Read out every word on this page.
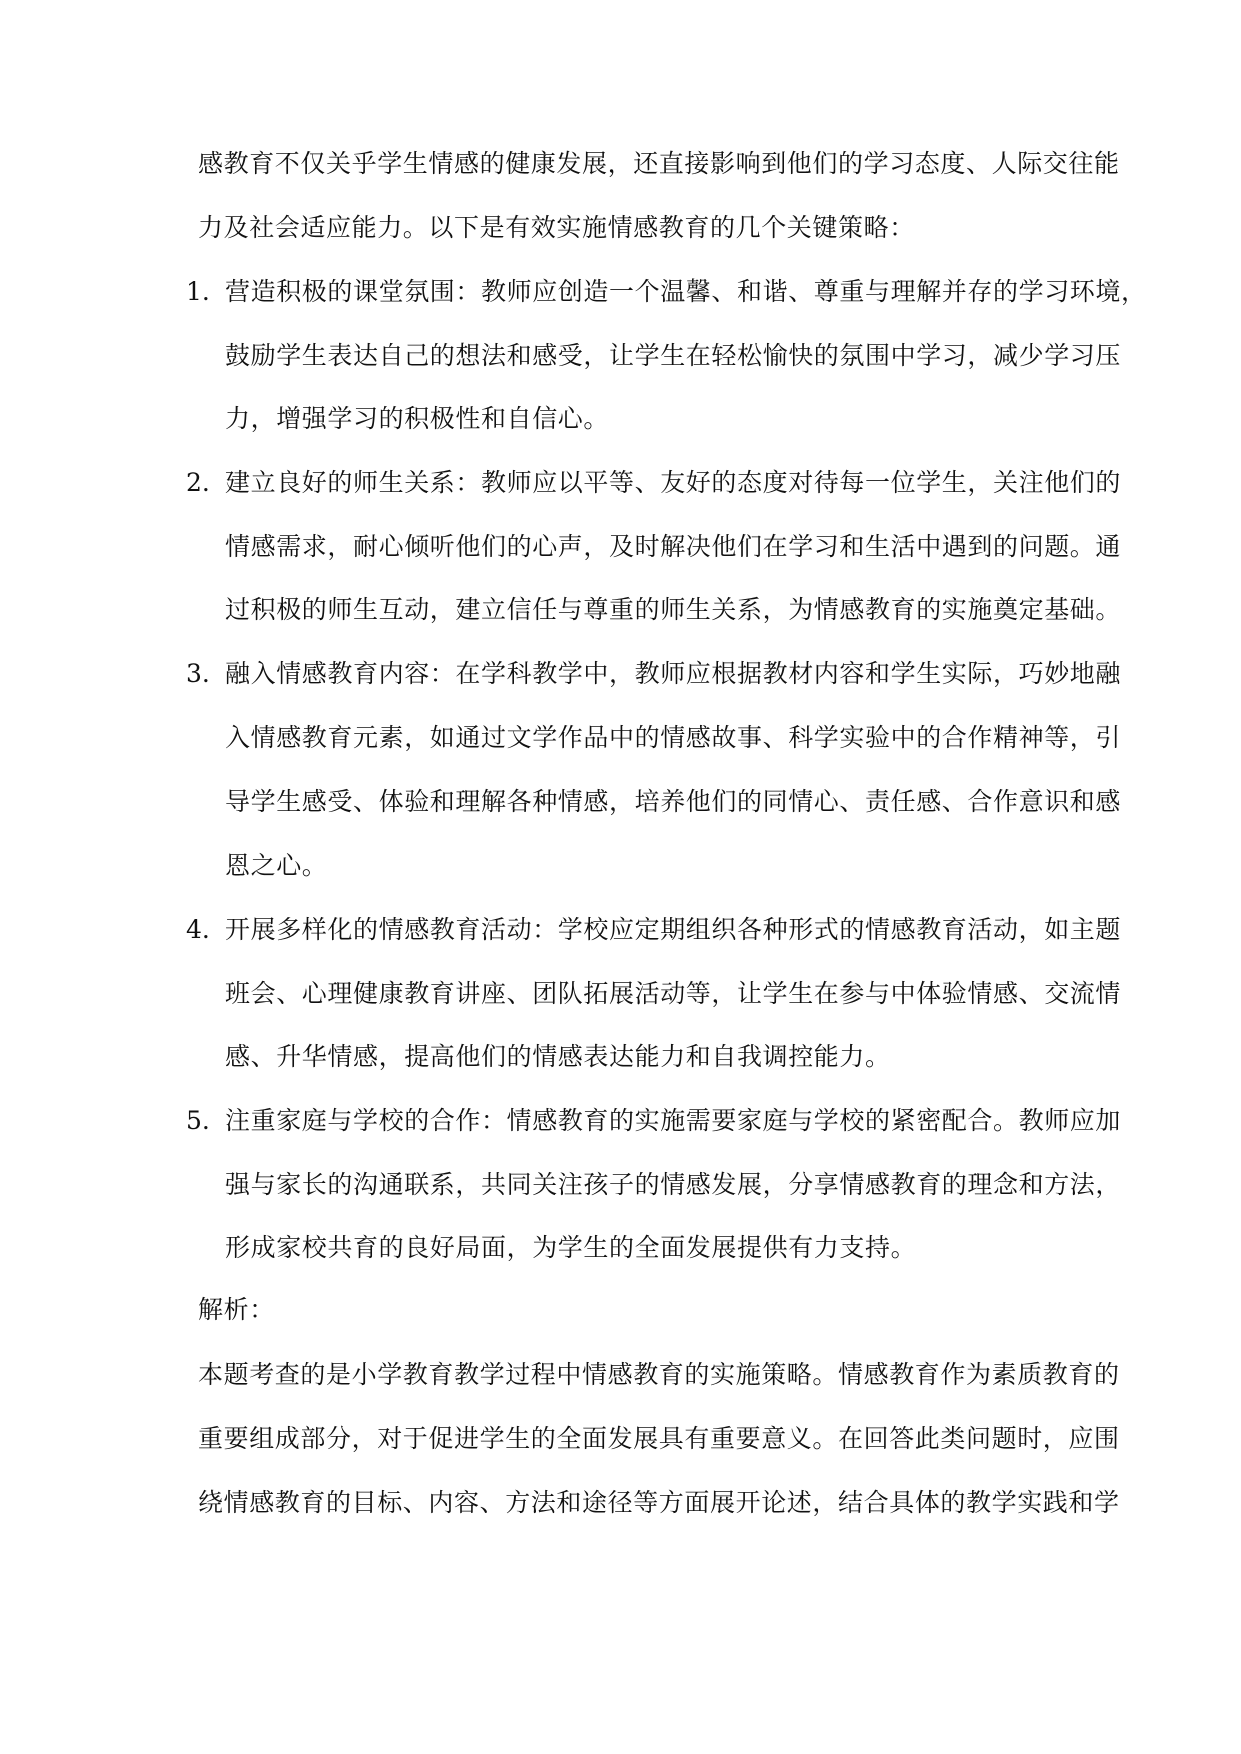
感教育不仅关乎学生情感的健康发展，还直接影响到他们的学习态度、人际交往能
力及社会适应能力。以下是有效实施情感教育的几个关键策略：
1. 营造积极的课堂氛围：教师应创造一个温馨、和谐、尊重与理解并存的学习环境，
鼓励学生表达自己的想法和感受，让学生在轻松愉快的氛围中学习，减少学习压
力，增强学习的积极性和自信心。
2. 建立良好的师生关系：教师应以平等、友好的态度对待每一位学生，关注他们的
情感需求，耐心倾听他们的心声，及时解决他们在学习和生活中遇到的问题。通
过积极的师生互动，建立信任与尊重的师生关系，为情感教育的实施奠定基础。
3. 融入情感教育内容：在学科教学中，教师应根据教材内容和学生实际，巧妙地融
入情感教育元素，如通过文学作品中的情感故事、科学实验中的合作精神等，引
导学生感受、体验和理解各种情感，培养他们的同情心、责任感、合作意识和感
恩之心。
4. 开展多样化的情感教育活动：学校应定期组织各种形式的情感教育活动，如主题
班会、心理健康教育讲座、团队拓展活动等，让学生在参与中体验情感、交流情
感、升华情感，提高他们的情感表达能力和自我调控能力。
5. 注重家庭与学校的合作：情感教育的实施需要家庭与学校的紧密配合。教师应加
强与家长的沟通联系，共同关注孩子的情感发展，分享情感教育的理念和方法，
形成家校共育的良好局面，为学生的全面发展提供有力支持。
解析：
本题考查的是小学教育教学过程中情感教育的实施策略。情感教育作为素质教育的
重要组成部分，对于促进学生的全面发展具有重要意义。在回答此类问题时，应围
绕情感教育的目标、内容、方法和途径等方面展开论述，结合具体的教学实践和学
